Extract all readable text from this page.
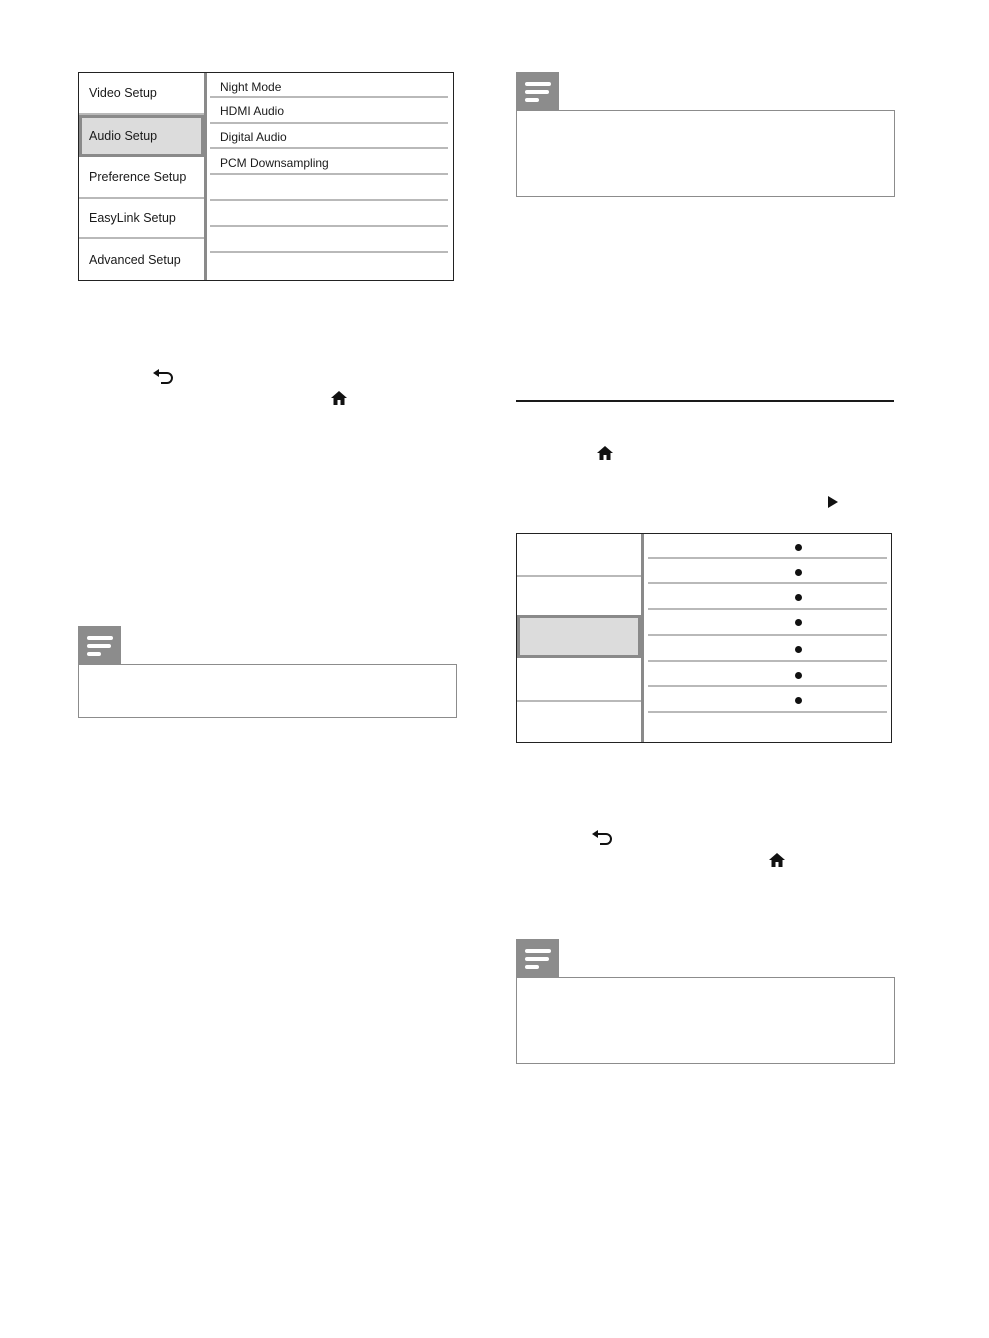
Video Setup
Audio Setup
Preference Setup
EasyLink Setup
Advanced Setup
Night Mode
HDMI Audio
Digital Audio
PCM Downsampling
